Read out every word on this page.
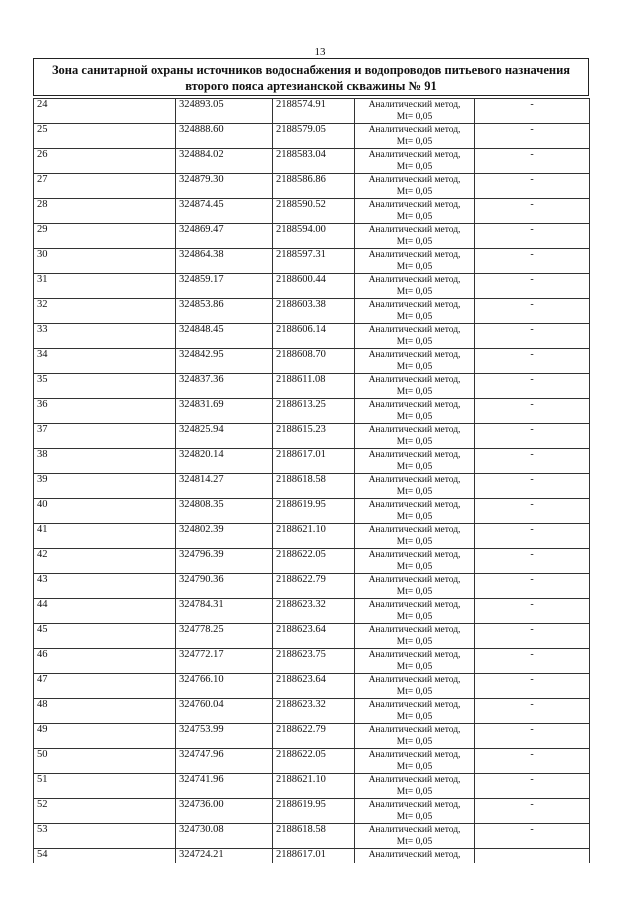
13
Зона санитарной охраны источников водоснабжения и водопроводов питьевого назначения
второго пояса артезианской скважины № 91
24	324893.05	2188574.91	Аналитический метод,
Mt= 0,05	-
25	324888.60	2188579.05	Аналитический метод,
Mt= 0,05	-
26	324884.02	2188583.04	Аналитический метод,
Mt= 0,05	-
27	324879.30	2188586.86	Аналитический метод,
Mt= 0,05	-
28	324874.45	2188590.52	Аналитический метод,
Mt= 0,05	-
29	324869.47	2188594.00	Аналитический метод,
Mt= 0,05	-
30	324864.38	2188597.31	Аналитический метод,
Mt= 0,05	-
31	324859.17	2188600.44	Аналитический метод,
Mt= 0,05	-
32	324853.86	2188603.38	Аналитический метод,
Mt= 0,05	-
33	324848.45	2188606.14	Аналитический метод,
Mt= 0,05	-
34	324842.95	2188608.70	Аналитический метод,
Mt= 0,05	-
35	324837.36	2188611.08	Аналитический метод,
Mt= 0,05	-
36	324831.69	2188613.25	Аналитический метод,
Mt= 0,05	-
37	324825.94	2188615.23	Аналитический метод,
Mt= 0,05	-
38	324820.14	2188617.01	Аналитический метод,
Mt= 0,05	-
39	324814.27	2188618.58	Аналитический метод,
Mt= 0,05	-
40	324808.35	2188619.95	Аналитический метод,
Mt= 0,05	-
41	324802.39	2188621.10	Аналитический метод,
Mt= 0,05	-
42	324796.39	2188622.05	Аналитический метод,
Mt= 0,05	-
43	324790.36	2188622.79	Аналитический метод,
Mt= 0,05	-
44	324784.31	2188623.32	Аналитический метод,
Mt= 0,05	-
45	324778.25	2188623.64	Аналитический метод,
Mt= 0,05	-
46	324772.17	2188623.75	Аналитический метод,
Mt= 0,05	-
47	324766.10	2188623.64	Аналитический метод,
Mt= 0,05	-
48	324760.04	2188623.32	Аналитический метод,
Mt= 0,05	-
49	324753.99	2188622.79	Аналитический метод,
Mt= 0,05	-
50	324747.96	2188622.05	Аналитический метод,
Mt= 0,05	-
51	324741.96	2188621.10	Аналитический метод,
Mt= 0,05	-
52	324736.00	2188619.95	Аналитический метод,
Mt= 0,05	-
53	324730.08	2188618.58	Аналитический метод,
Mt= 0,05	-
54	324724.21	2188617.01	Аналитический метод,	
